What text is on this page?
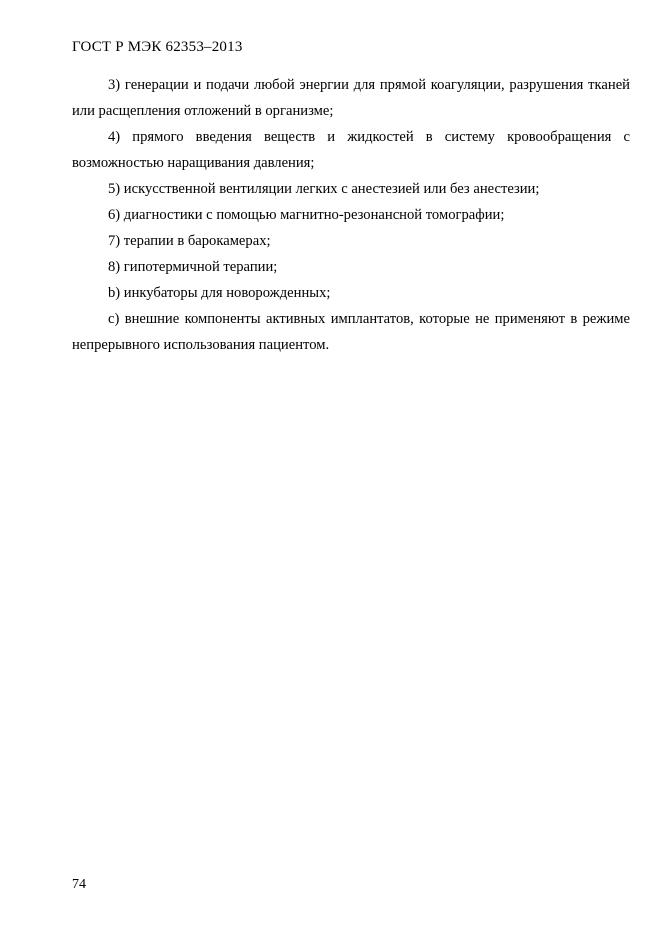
ГОСТ Р МЭК 62353–2013

3) генерации и подачи любой энергии для прямой коагуляции, разрушения тканей или расщепления отложений в организме;

4) прямого введения веществ и жидкостей в систему кровообращения с возможностью наращивания давления;

5) искусственной вентиляции легких с анестезией или без анестезии;

6) диагностики с помощью магнитно-резонансной томографии;

7) терапии в барокамерах;

8) гипотермичной терапии;

b) инкубаторы для новорожденных;

c) внешние компоненты активных имплантатов, которые не применяют в режиме непрерывного использования пациентом.

74
